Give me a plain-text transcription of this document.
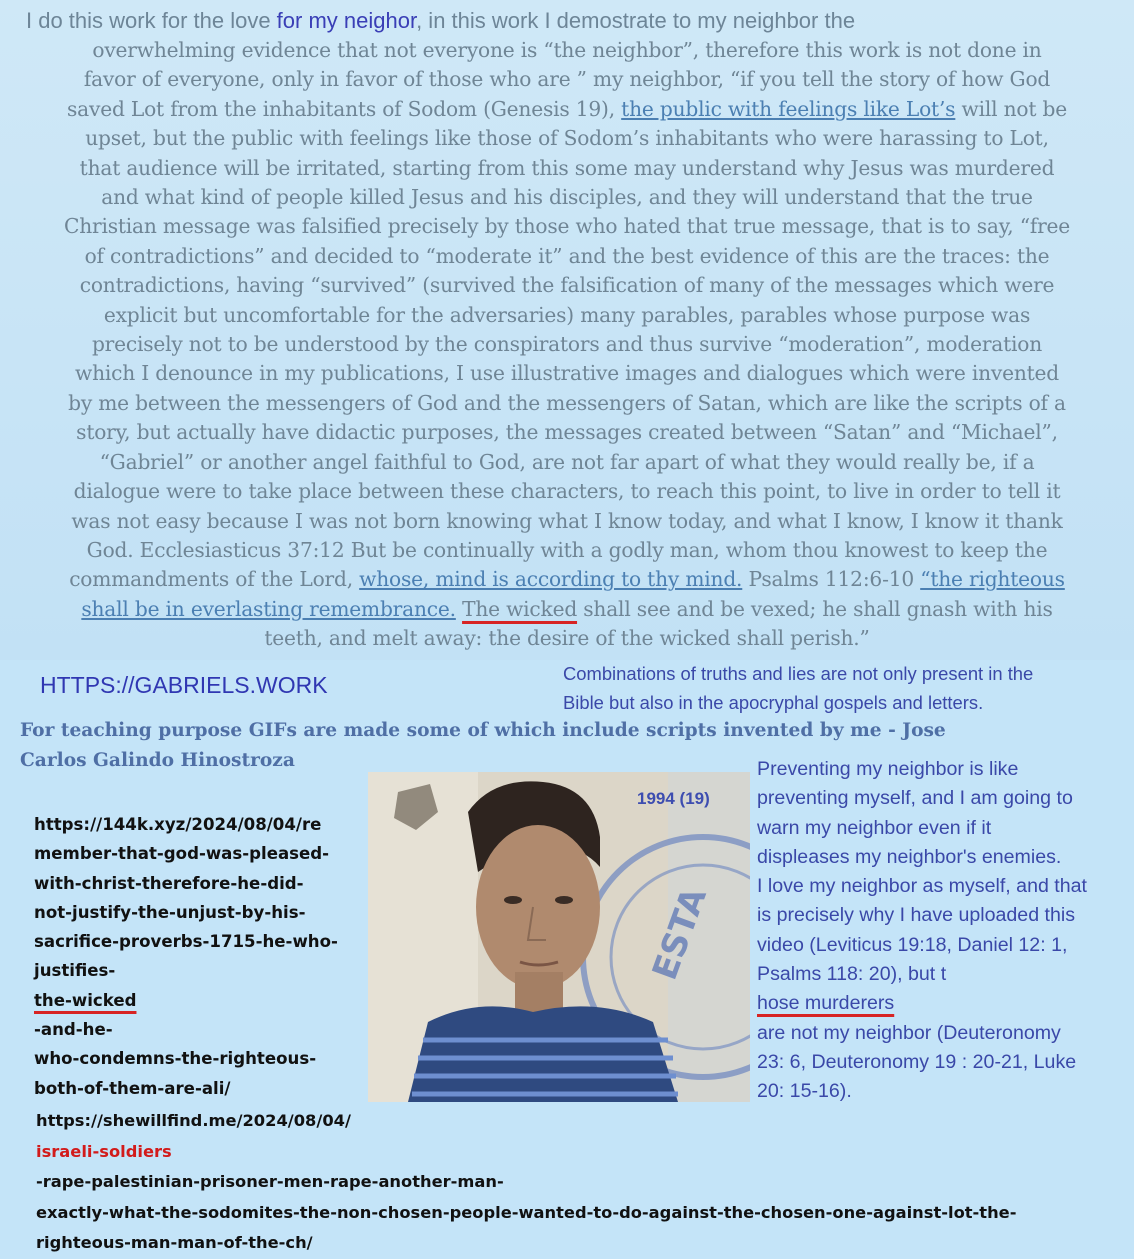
I do this work for the love for my neighor, in this work I demostrate to my neighbor the
overwhelming evidence that not everyone is “the neighbor”, therefore this work is not done in
favor of everyone, only in favor of those who are ” my neighbor, “if you tell the story of how God
saved Lot from the inhabitants of Sodom (Genesis 19), the public with feelings like Lot’s will not be
upset, but the public with feelings like those of Sodom’s inhabitants who were harassing to Lot,
that audience will be irritated, starting from this some may understand why Jesus was murdered
and what kind of people killed Jesus and his disciples, and they will understand that the true
Christian message was falsified precisely by those who hated that true message, that is to say, “free
of contradictions” and decided to “moderate it” and the best evidence of this are the traces: the
contradictions, having “survived” (survived the falsification of many of the messages which were
explicit but uncomfortable for the adversaries) many parables, parables whose purpose was
precisely not to be understood by the conspirators and thus survive “moderation”, moderation
which I denounce in my publications, I use illustrative images and dialogues which were invented
by me between the messengers of God and the messengers of Satan, which are like the scripts of a
story, but actually have didactic purposes, the messages created between “Satan” and “Michael”,
“Gabriel” or another angel faithful to God, are not far apart of what they would really be, if a
dialogue were to take place between these characters, to reach this point, to live in order to tell it
was not easy because I was not born knowing what I know today, and what I know, I know it thank
God. Ecclesiasticus 37:12 But be continually with a godly man, whom thou knowest to keep the
commandments of the Lord, whose, mind is according to thy mind. Psalms 112:6-10 “the righteous
shall be in everlasting remembrance. The wicked shall see and be vexed; he shall gnash with his
teeth, and melt away: the desire of the wicked shall perish.”
HTTPS://GABRIELS.WORK	Combinations of truths and lies are not only present in the
Bible but also in the apocryphal gospels and letters.
For teaching purpose GIFs are made some of which include scripts invented by me - Jose
Carlos Galindo Hinostroza
https://144k.xyz/2024/08/04/re
member-that-god-was-pleased-
with-christ-therefore-he-did-
not-justify-the-unjust-by-his-
sacrifice-proverbs-1715-he-who-
justifies-
the-wicked
-and-he-
who-condemns-the-righteous-
both-of-them-are-ali/
ESTA
1994 (19)
Preventing my neighbor is like
preventing myself, and I am going to
warn my neighbor even if it
displeases my neighbor's enemies.
I love my neighbor as myself, and that
is precisely why I have uploaded this
video (Leviticus 19:18, Daniel 12: 1,
Psalms 118: 20), but t
hose murderers
are not my neighbor (Deuteronomy
23: 6, Deuteronomy 19 : 20-21, Luke
20: 15-16).
https://shewillfind.me/2024/08/04/
israeli-soldiers
-rape-palestinian-prisoner-men-rape-another-man-
exactly-what-the-sodomites-the-non-chosen-people-wanted-to-do-against-the-chosen-one-against-lot-the-
righteous-man-man-of-the-ch/
